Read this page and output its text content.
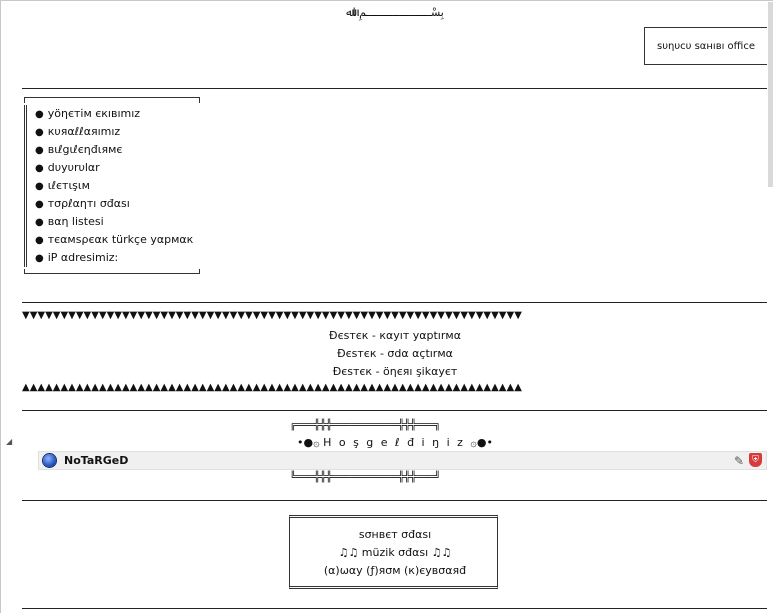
بِسْــــــــــــــــــــمِ اﷲ
sυηυcυ sαнıвı office
● yöηєтім єкıвımız
● кυяαℓℓαяımız
● вιℓgιℓєηđιямє
● dυyυrυlαr
● ιℓєтιşιм
● тσρℓαηтı σđαѕı
● вαη listesi
● тєαмѕρєαк türkçe yαpмαк
● iP αdresimiz:
▼▼▼▼▼▼▼▼▼▼▼▼▼▼▼▼▼▼▼▼▼▼▼▼▼▼▼▼▼▼▼▼▼▼▼▼▼▼▼▼▼▼▼▼▼▼▼▼▼▼▼▼▼▼▼▼▼▼▼▼▼▼▼▼▼
Đєsтєк - кαyıт yαptırмα
Đєsтєк - σdα αçtırмα
Đєsтєк - öηєяı şikαyєт
▲▲▲▲▲▲▲▲▲▲▲▲▲▲▲▲▲▲▲▲▲▲▲▲▲▲▲▲▲▲▲▲▲▲▲▲▲▲▲▲▲▲▲▲▲▲▲▲▲▲▲▲▲▲▲▲▲▲▲▲▲▲▲▲▲
◢
╔═══╬╬╬═══════════╬╬╬═══╗
•●۞ H o ş g e ℓ đ i ŋ i z ۞●•
NoTaRGeD	✎ ⛨
╚═══╬╬╬═══════════╬╬╬═══╝
sσнвєт σđαsı
♫♫ müzik σđαsı ♫♫
(α)ωαy (ƒ)яσм (к)єувσαяđ
